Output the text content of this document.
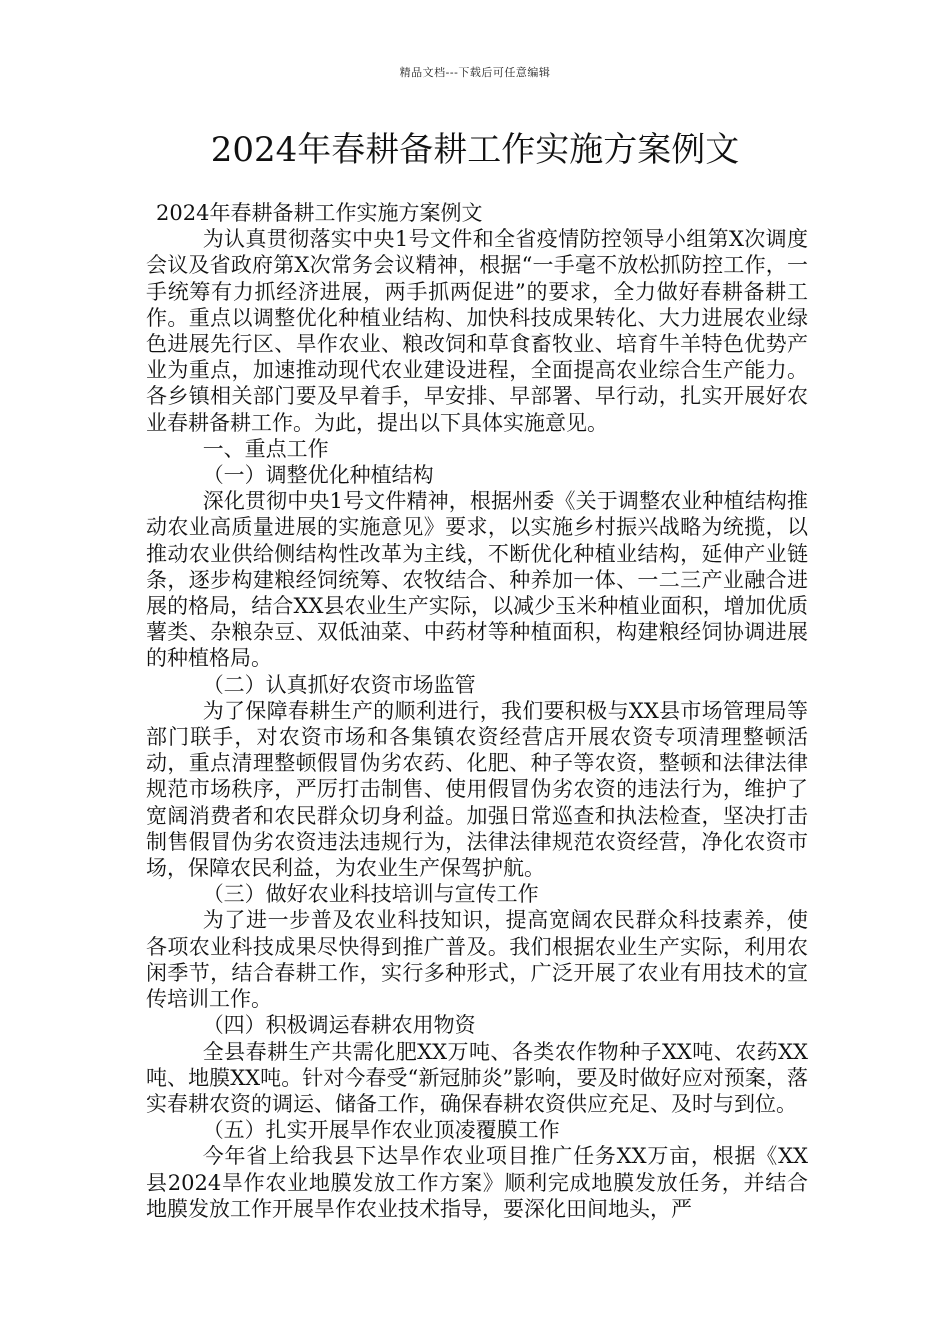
精品文档---下载后可任意编辑
2024年春耕备耕工作实施方案例文

2024年春耕备耕工作实施方案例文

为认真贯彻落实中央1号文件和全省疫情防控领导小组第X次调度会议及省政府第X次常务会议精神，根据“一手毫不放松抓防控工作，一手统筹有力抓经济进展，两手抓两促进”的要求，全力做好春耕备耕工作。重点以调整优化种植业结构、加快科技成果转化、大力进展农业绿色进展先行区、旱作农业、粮改饲和草食畜牧业、培育牛羊特色优势产业为重点，加速推动现代农业建设进程，全面提高农业综合生产能力。各乡镇相关部门要及早着手，早安排、早部署、早行动，扎实开展好农业春耕备耕工作。为此，提出以下具体实施意见。

一、重点工作

（一）调整优化种植结构

深化贯彻中央1号文件精神，根据州委《关于调整农业种植结构推动农业高质量进展的实施意见》要求，以实施乡村振兴战略为统揽，以推动农业供给侧结构性改革为主线，不断优化种植业结构，延伸产业链条，逐步构建粮经饲统筹、农牧结合、种养加一体、一二三产业融合进展的格局，结合XX县农业生产实际，以减少玉米种植业面积，增加优质薯类、杂粮杂豆、双低油菜、中药材等种植面积，构建粮经饲协调进展的种植格局。

（二）认真抓好农资市场监管

为了保障春耕生产的顺利进行，我们要积极与XX县市场管理局等部门联手，对农资市场和各集镇农资经营店开展农资专项清理整顿活动，重点清理整顿假冒伪劣农药、化肥、种子等农资，整顿和法律法律规范市场秩序，严厉打击制售、使用假冒伪劣农资的违法行为，维护了宽阔消费者和农民群众切身利益。加强日常巡查和执法检查，坚决打击制售假冒伪劣农资违法违规行为，法律法律规范农资经营，净化农资市场，保障农民利益，为农业生产保驾护航。

（三）做好农业科技培训与宣传工作

为了进一步普及农业科技知识，提高宽阔农民群众科技素养，使各项农业科技成果尽快得到推广普及。我们根据农业生产实际，利用农闲季节，结合春耕工作，实行多种形式，广泛开展了农业有用技术的宣传培训工作。

（四）积极调运春耕农用物资

全县春耕生产共需化肥XX万吨、各类农作物种子XX吨、农药XX吨、地膜XX吨。针对今春受“新冠肺炎”影响，要及时做好应对预案，落实春耕农资的调运、储备工作，确保春耕农资供应充足、及时与到位。

（五）扎实开展旱作农业顶凌覆膜工作

今年省上给我县下达旱作农业项目推广任务XX万亩，根据《XX县2024旱作农业地膜发放工作方案》顺利完成地膜发放任务，并结合地膜发放工作开展旱作农业技术指导，要深化田间地头，严
